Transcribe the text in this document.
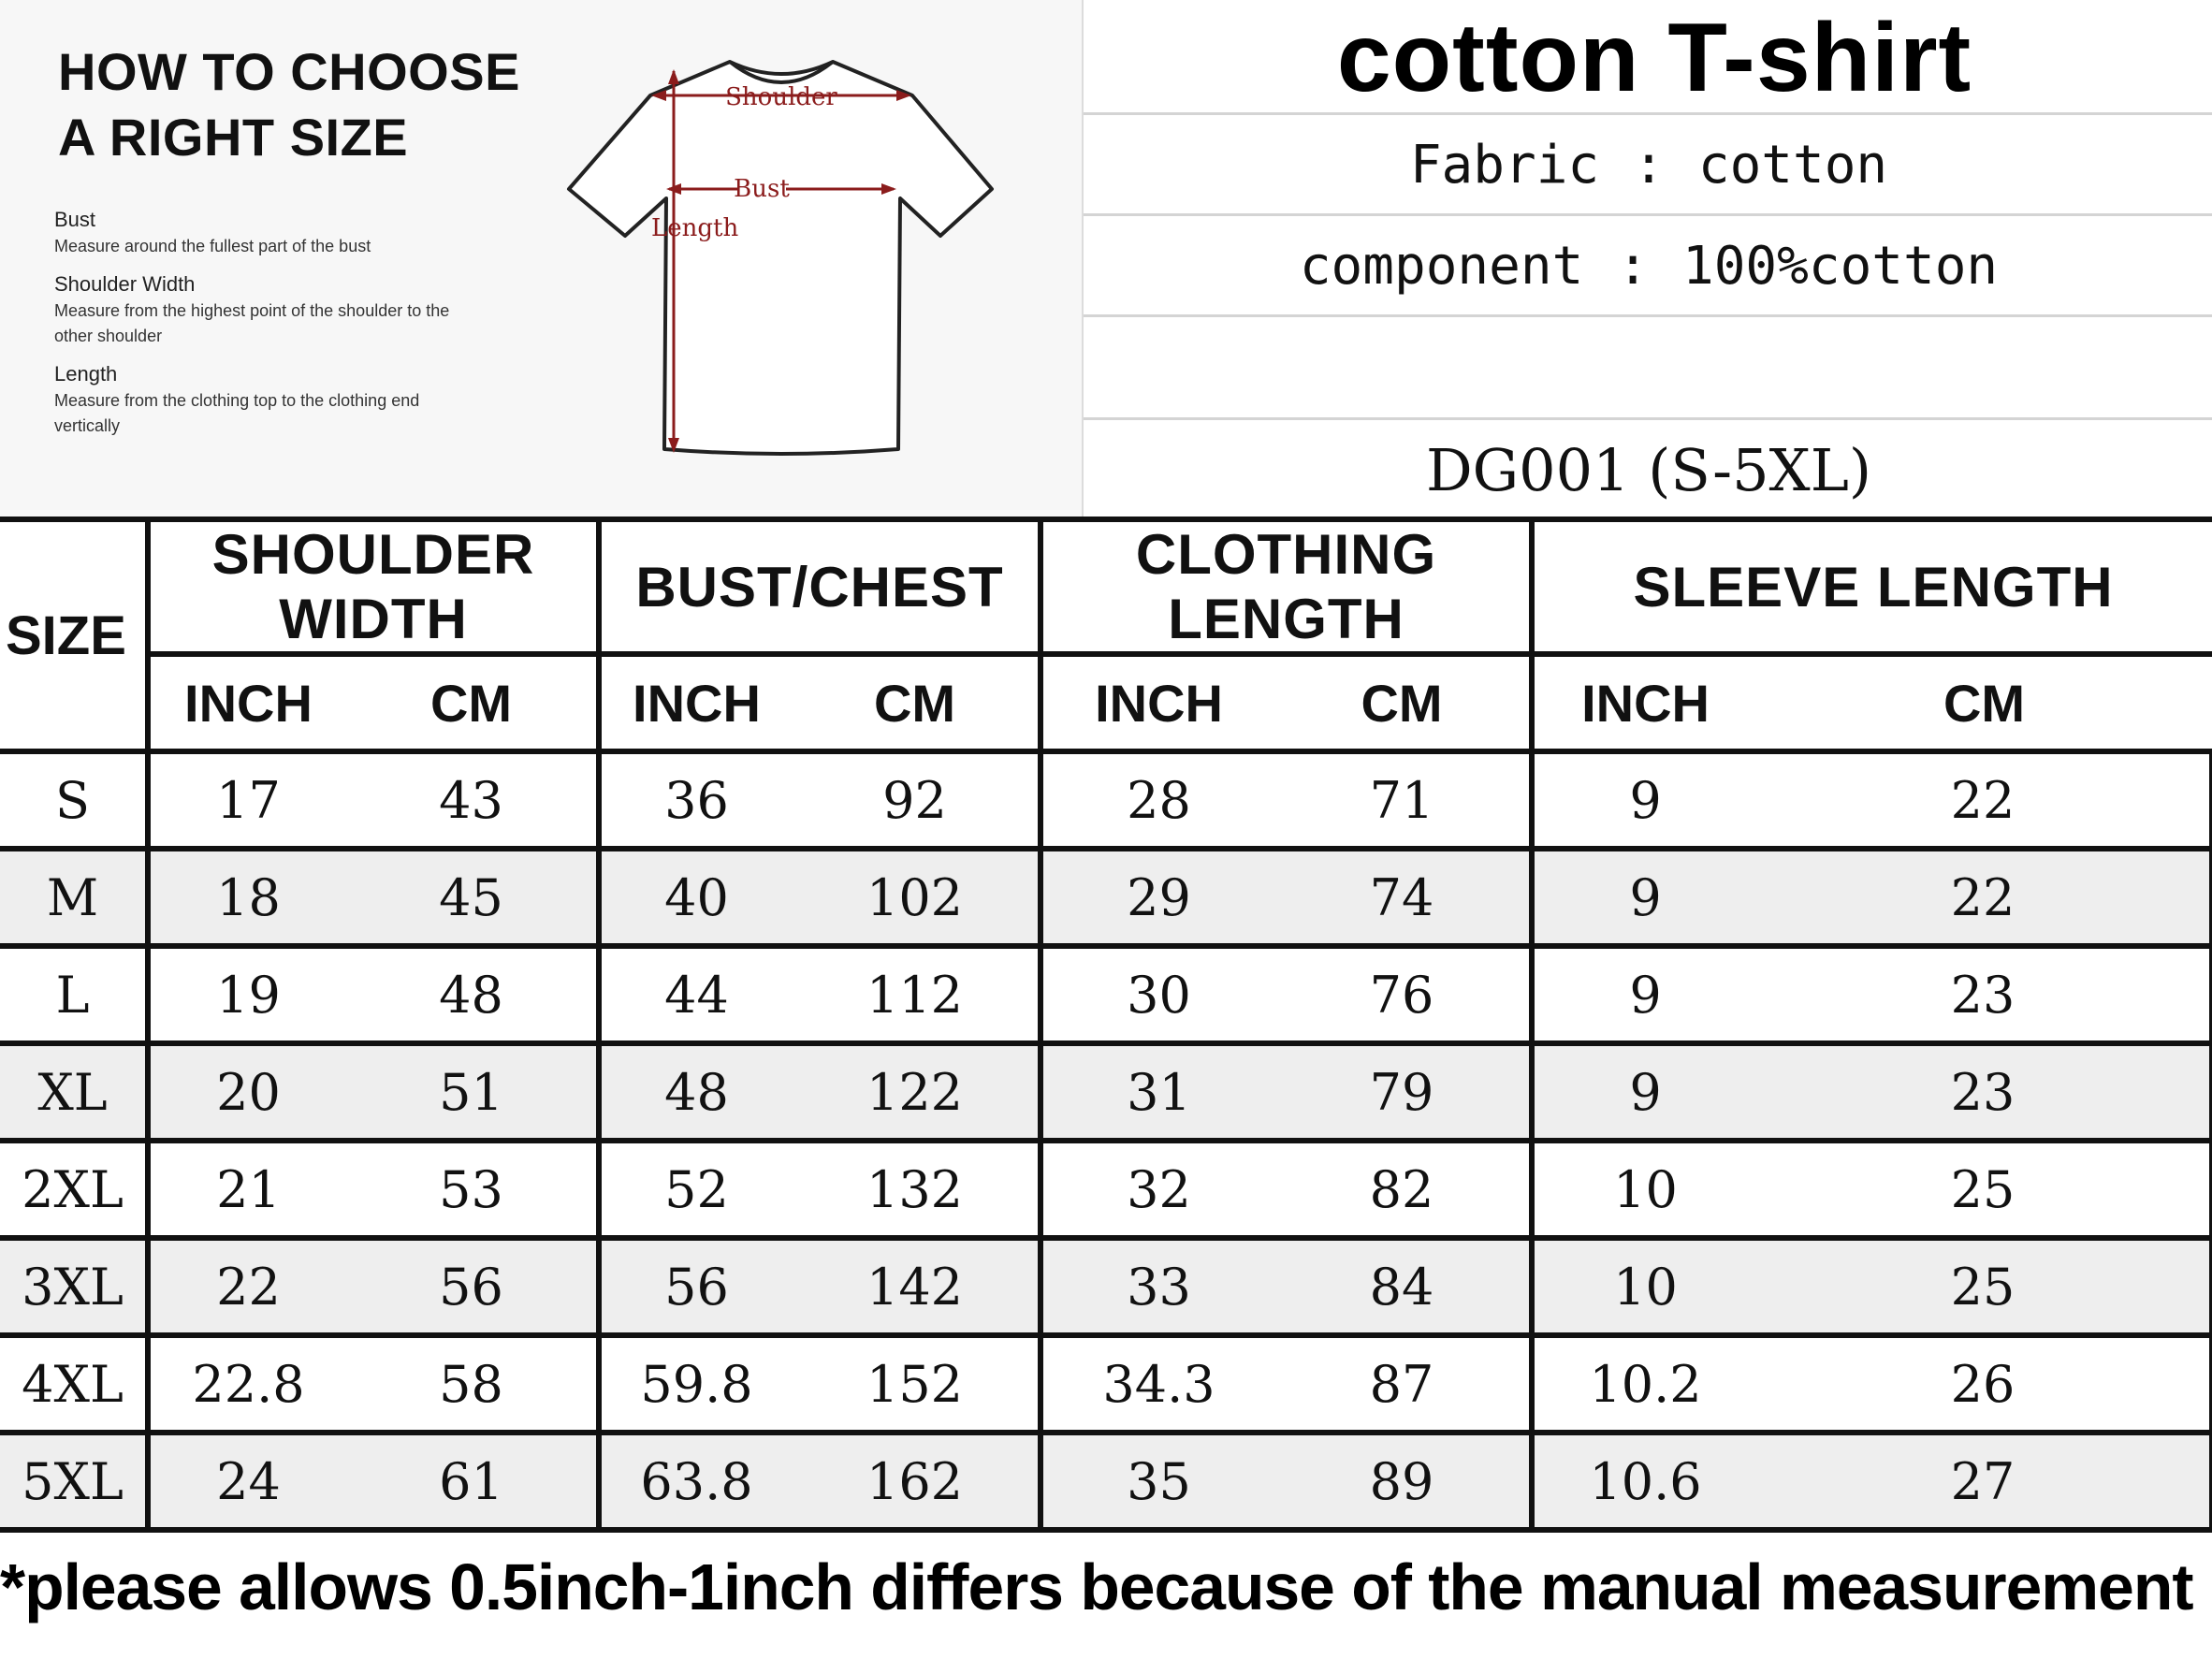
HOW TO CHOOSE
A RIGHT SIZE
Bust
Measure around the fullest part of the bust
Shoulder Width
Measure from the highest point of the shoulder to the other shoulder
Length
Measure from the clothing top to the clothing end vertically
Shoulder
Bust
Length
cotton T-shirt
Fabric : cotton
component : 100%cotton
DG001 (S-5XL)
SIZE	SHOULDER WIDTH		BUST/CHEST		CLOTHING LENGTH		SLEEVE LENGTH	
	INCH	CM	INCH	CM	INCH	CM	INCH	CM
S	17	43	36	92	28	71	9	22
M	18	45	40	102	29	74	9	22
L	19	48	44	112	30	76	9	23
XL	20	51	48	122	31	79	9	23
2XL	21	53	52	132	32	82	10	25
3XL	22	56	56	142	33	84	10	25
4XL	22.8	58	59.8	152	34.3	87	10.2	26
5XL	24	61	63.8	162	35	89	10.6	27
*please allows 0.5inch-1inch differs because of the manual measurement
